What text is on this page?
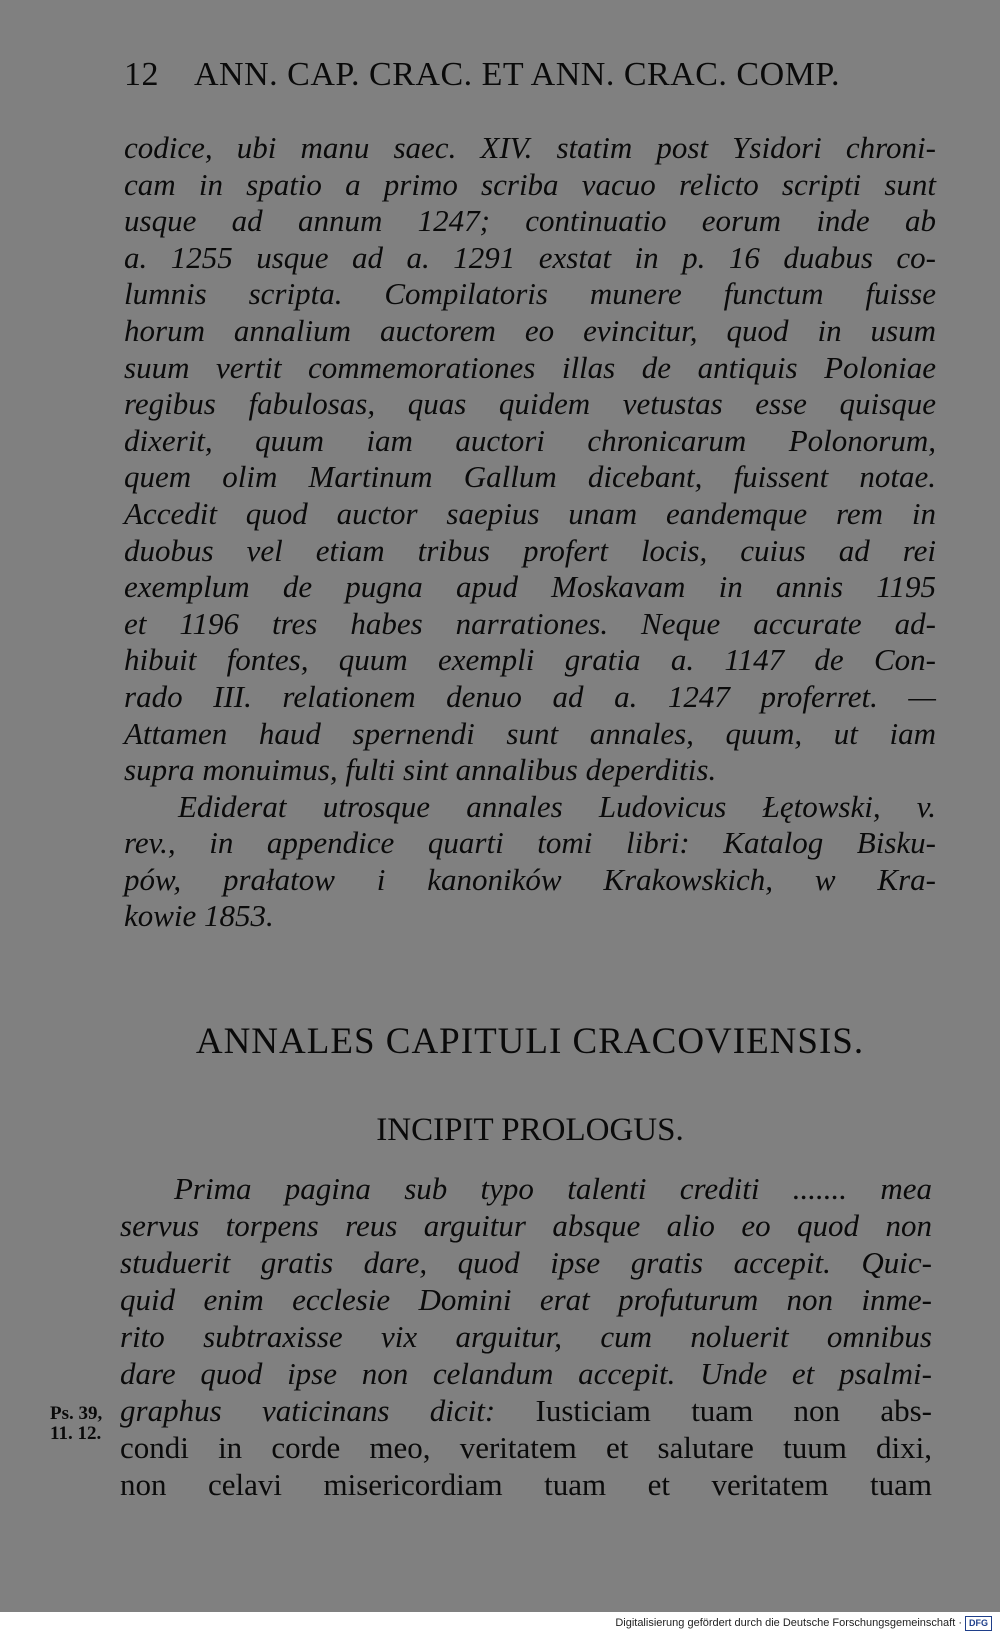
12 ANN. CAP. CRAC. ET ANN. CRAC. COMP.
codice, ubi manu saec. XIV. statim post Ysidori chroni-
cam in spatio a primo scriba vacuo relicto scripti sunt
usque ad annum 1247; continuatio eorum inde ab
a. 1255 usque ad a. 1291 exstat in p. 16 duabus co-
lumnis scripta. Compilatoris munere functum fuisse
horum annalium auctorem eo evincitur, quod in usum
suum vertit commemorationes illas de antiquis Poloniae
regibus fabulosas, quas quidem vetustas esse quisque
dixerit, quum iam auctori chronicarum Polonorum,
quem olim Martinum Gallum dicebant, fuissent notae.
Accedit quod auctor saepius unam eandemque rem in
duobus vel etiam tribus profert locis, cuius ad rei
exemplum de pugna apud Moskavam in annis 1195
et 1196 tres habes narrationes. Neque accurate ad-
hibuit fontes, quum exempli gratia a. 1147 de Con-
rado III. relationem denuo ad a. 1247 proferret. —
Attamen haud spernendi sunt annales, quum, ut iam
supra monuimus, fulti sint annalibus deperditis.
Ediderat utrosque annales Ludovicus Łętowski, v.
rev., in appendice quarti tomi libri: Katalog Bisku-
pów, prałatow i kanoników Krakowskich, w Kra-
kowie 1853.
ANNALES CAPITULI CRACOVIENSIS.
INCIPIT PROLOGUS.
Prima pagina sub typo talenti crediti ....... mea
servus torpens reus arguitur absque alio eo quod non
studuerit gratis dare, quod ipse gratis accepit. Quic-
quid enim ecclesie Domini erat profuturum non inme-
rito subtraxisse vix arguitur, cum noluerit omnibus
dare quod ipse non celandum accepit. Unde et psalmi-
graphus vaticinans dicit: Iusticiam tuam non abs-
condi in corde meo, veritatem et salutare tuum dixi,
non celavi misericordiam tuam et veritatem tuam
Ps. 39,
11. 12.
Digitalisierung gefördert durch die Deutsche Forschungsgemeinschaft · DFG
